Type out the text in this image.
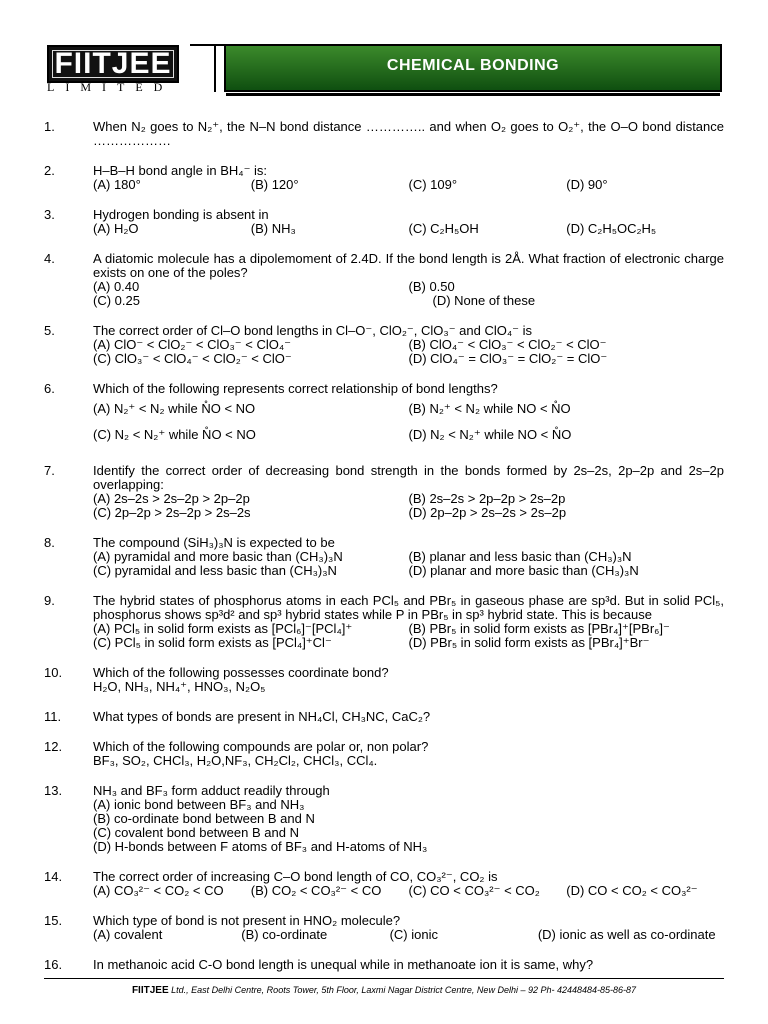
FIITJEE
LIMITED
CHEMICAL BONDING
1.	When N₂ goes to N₂⁺, the N–N bond distance ………….. and when O₂ goes to O₂⁺, the O–O bond distance ………………
2.	H–B–H bond angle in BH₄⁻ is:
(A) 180°	(B) 120°	(C) 109°	(D) 90°
3.	Hydrogen bonding is absent in
(A) H₂O	(B) NH₃	(C) C₂H₅OH	(D) C₂H₅OC₂H₅
4.	A diatomic molecule has a dipolemoment of 2.4D. If the bond length is 2Å. What fraction of electronic charge exists on one of the poles?
(A) 0.40	(B) 0.50
(C) 0.25	(D) None of these
5.	The correct order of Cl–O bond lengths in Cl–O⁻, ClO₂⁻, ClO₃⁻ and ClO₄⁻ is
(A) ClO⁻ < ClO₂⁻ < ClO₃⁻ < ClO₄⁻	(B) ClO₄⁻ < ClO₃⁻ < ClO₂⁻ < ClO⁻
(C) ClO₃⁻ < ClO₄⁻ < ClO₂⁻ < ClO⁻	(D) ClO₄⁻ = ClO₃⁻ = ClO₂⁻ = ClO⁻
6.	Which of the following represents correct relationship of bond lengths?
(A) N₂⁺ < N₂ while N̊O < NO	(B) N₂⁺ < N₂ while NO < N̊O
(C) N₂ < N₂⁺ while N̊O < NO	(D) N₂ < N₂⁺ while NO < N̊O
7.	Identify the correct order of decreasing bond strength in the bonds formed by 2s–2s, 2p–2p and 2s–2p overlapping:
(A) 2s–2s > 2s–2p > 2p–2p	(B) 2s–2s > 2p–2p > 2s–2p
(C) 2p–2p > 2s–2p > 2s–2s	(D) 2p–2p > 2s–2s > 2s–2p
8.	The compound (SiH₃)₃N is expected to be
(A) pyramidal and more basic than (CH₃)₃N	(B) planar and less basic than (CH₃)₃N
(C) pyramidal and less basic than (CH₃)₃N	(D) planar and more basic than (CH₃)₃N
9.	The hybrid states of phosphorus atoms in each PCl₅ and PBr₅ in gaseous phase are sp³d. But in solid PCl₅, phosphorus shows sp³d² and sp³ hybrid states while P in PBr₅ in sp³ hybrid state. This is because
(A) PCl₅ in solid form exists as [PCl₆]⁻[PCl₄]⁺	(B) PBr₅ in solid form exists as [PBr₄]⁺[PBr₆]⁻
(C) PCl₅ in solid form exists as [PCl₄]⁺Cl⁻	(D) PBr₅ in solid form exists as [PBr₄]⁺Br⁻
10.	Which of the following possesses coordinate bond?
H₂O, NH₃, NH₄⁺, HNO₃, N₂O₅
11.	What types of bonds are present in NH₄Cl, CH₃NC, CaC₂?
12.	Which of the following compounds are polar or, non polar?
BF₃, SO₂, CHCl₃, H₂O,NF₃, CH₂Cl₂, CHCl₃, CCl₄.
13.	NH₃ and BF₃ form adduct readily through
(A) ionic bond between BF₃ and NH₃
(B) co-ordinate bond between B and N
(C) covalent bond between B and N
(D) H-bonds between F atoms of BF₃ and H-atoms of NH₃
14.	The correct order of increasing C–O bond length of CO, CO₃²⁻, CO₂ is
(A) CO₃²⁻ < CO₂ < CO	(B) CO₂ < CO₃²⁻ < CO	(C) CO < CO₃²⁻ < CO₂	(D) CO < CO₂ < CO₃²⁻
15.	Which type of bond is not present in HNO₂ molecule?
(A) covalent	(B) co-ordinate	(C) ionic	(D) ionic as well as co-ordinate
16.	In methanoic acid C-O bond length is unequal while in methanoate ion it is same, why?
FIITJEE Ltd., East Delhi Centre, Roots Tower, 5th Floor, Laxmi Nagar District Centre, New Delhi – 92 Ph- 42448484-85-86-87
